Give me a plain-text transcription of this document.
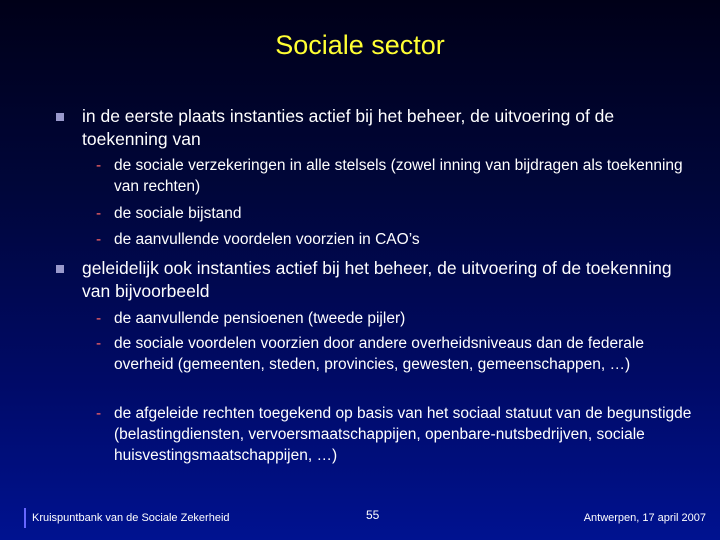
Sociale sector
in de eerste plaats instanties actief bij het beheer, de uitvoering of de toekenning van
- de sociale verzekeringen in alle stelsels (zowel inning van bijdragen als toekenning van rechten)
- de sociale bijstand
- de aanvullende voordelen voorzien in CAO’s
geleidelijk ook instanties actief bij het beheer, de uitvoering of de toekenning van bijvoorbeeld
- de aanvullende pensioenen (tweede pijler)
- de sociale voordelen voorzien door andere overheidsniveaus dan de federale overheid (gemeenten, steden, provincies, gewesten, gemeenschappen, …)
- de afgeleide rechten toegekend op basis van het sociaal statuut van de begunstigde (belastingdiensten, vervoersmaatschappijen, openbare-nutsbedrijven, sociale huisvestingsmaatschappijen, …)
Kruispuntbank van de Sociale Zekerheid	55	Antwerpen, 17 april 2007
